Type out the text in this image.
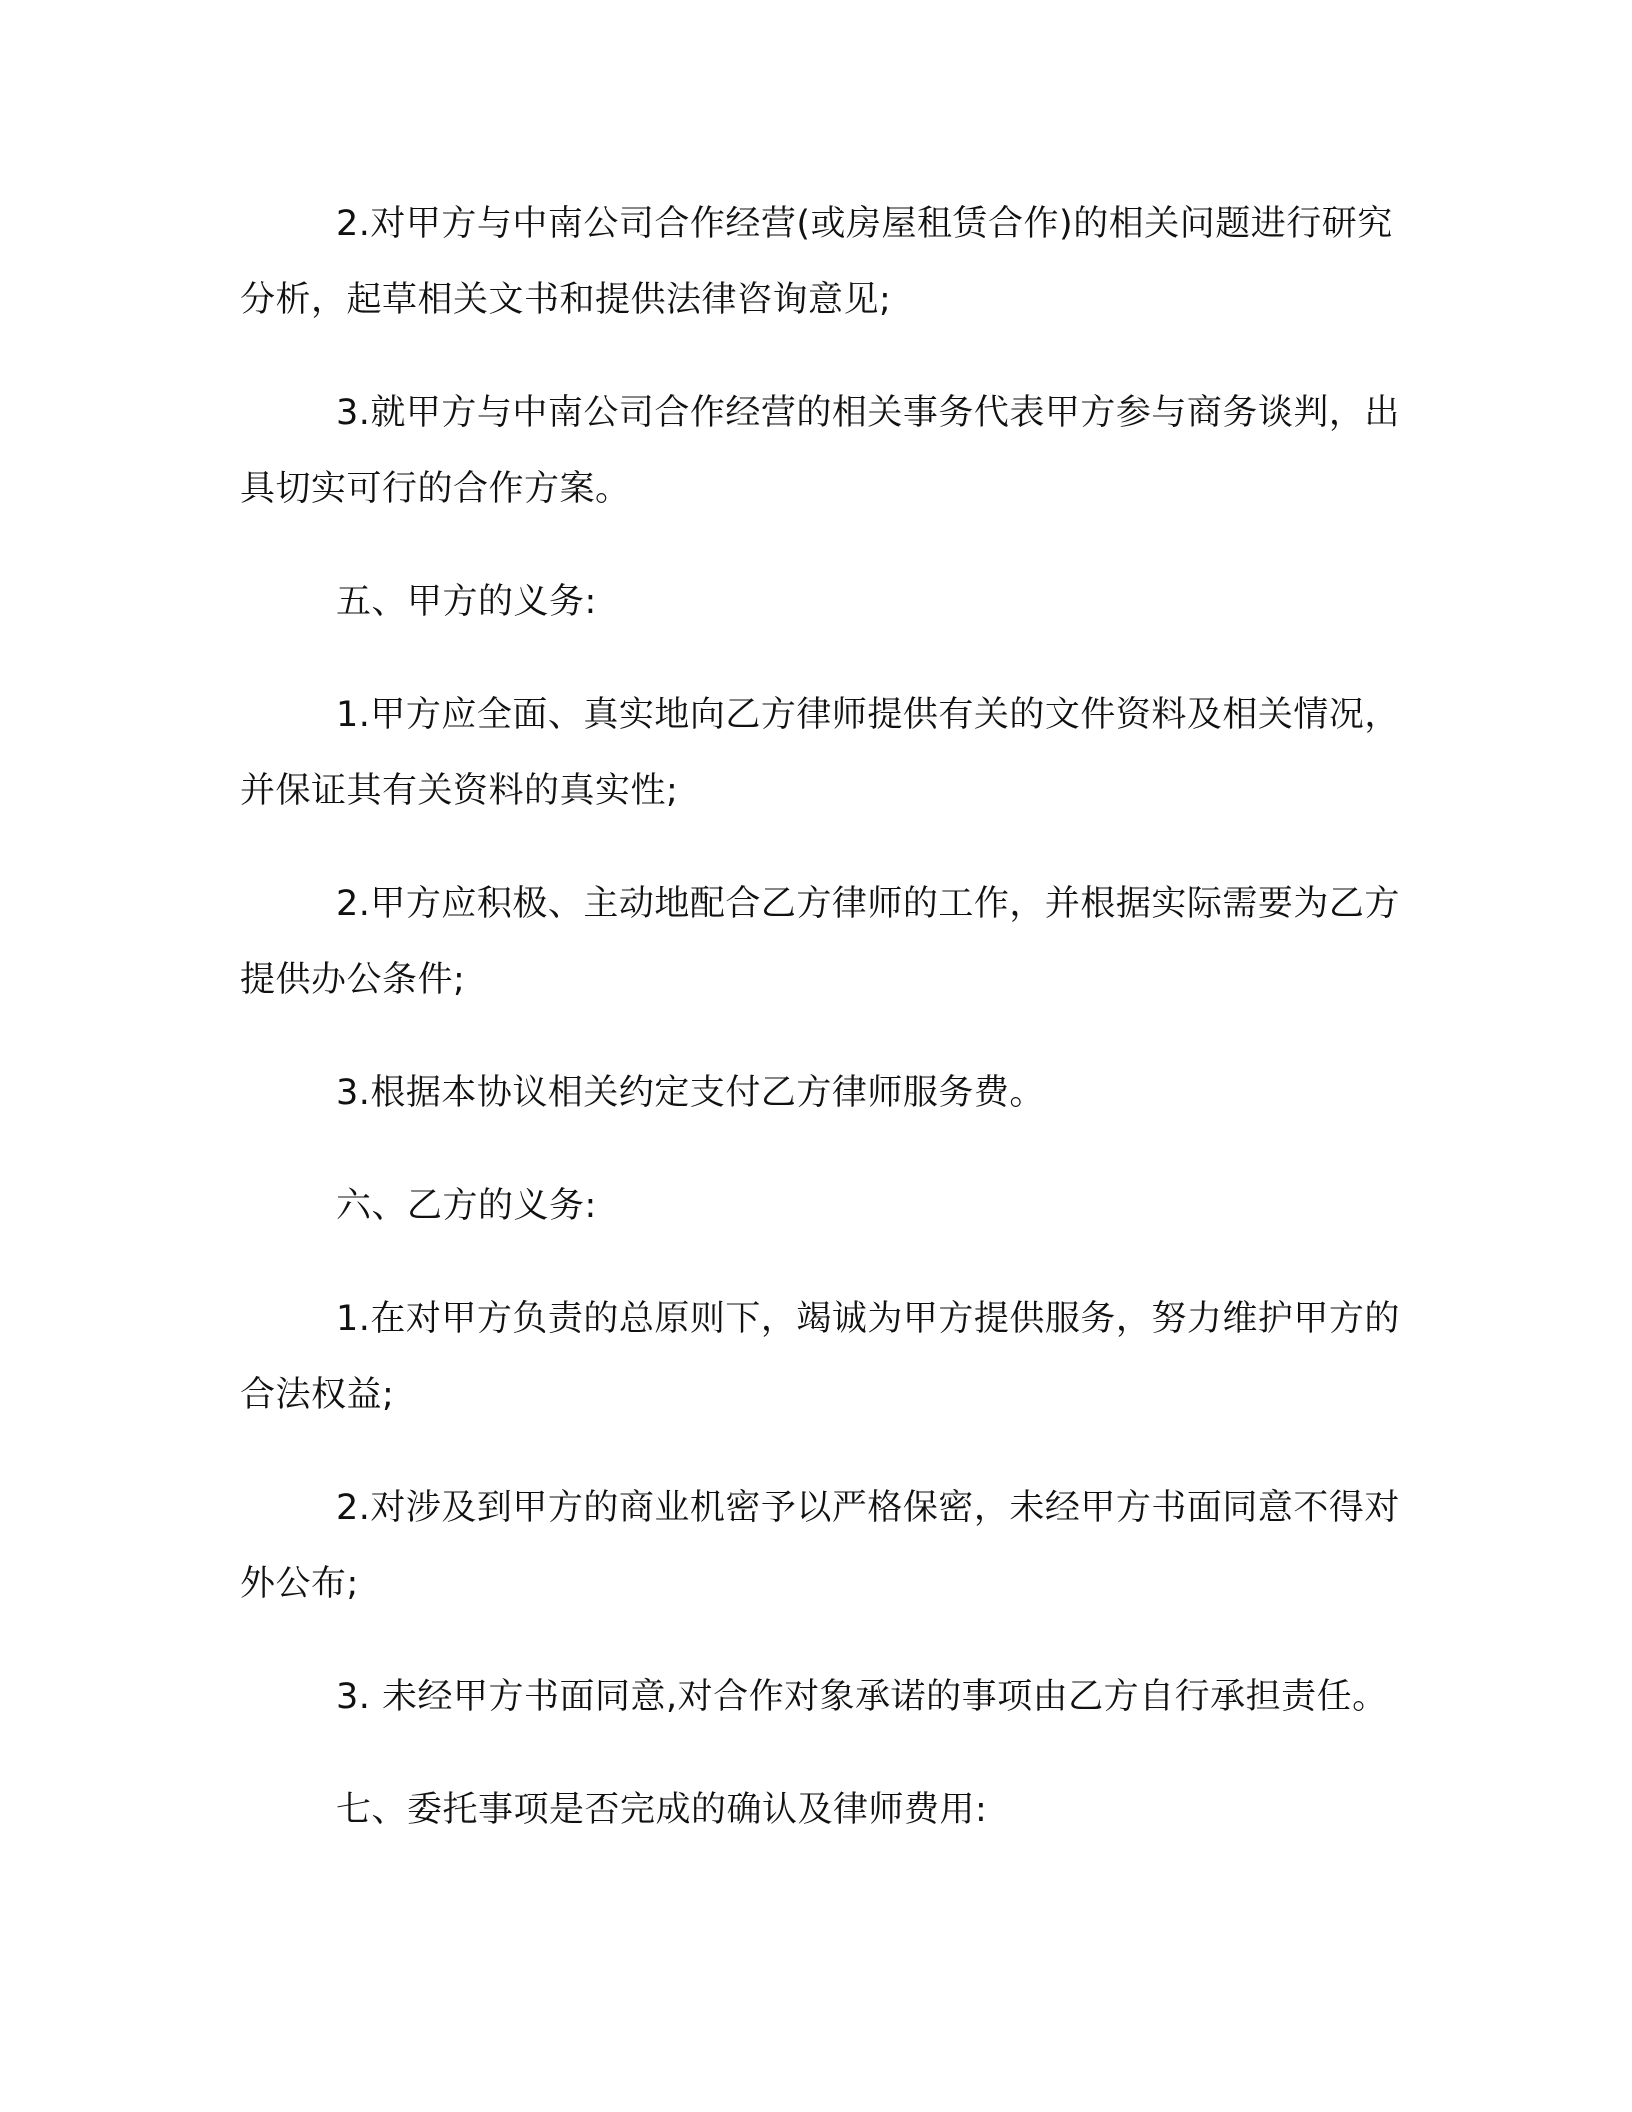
2.对甲方与中南公司合作经营(或房屋租赁合作)的相关问题进行研究分析，起草相关文书和提供法律咨询意见;

3.就甲方与中南公司合作经营的相关事务代表甲方参与商务谈判，出具切实可行的合作方案。

五、甲方的义务:

1.甲方应全面、真实地向乙方律师提供有关的文件资料及相关情况，并保证其有关资料的真实性;

2.甲方应积极、主动地配合乙方律师的工作，并根据实际需要为乙方提供办公条件;

3.根据本协议相关约定支付乙方律师服务费。

六、乙方的义务:

1.在对甲方负责的总原则下，竭诚为甲方提供服务，努力维护甲方的合法权益;

2.对涉及到甲方的商业机密予以严格保密，未经甲方书面同意不得对外公布;

3. 未经甲方书面同意,对合作对象承诺的事项由乙方自行承担责任。

七、委托事项是否完成的确认及律师费用:
